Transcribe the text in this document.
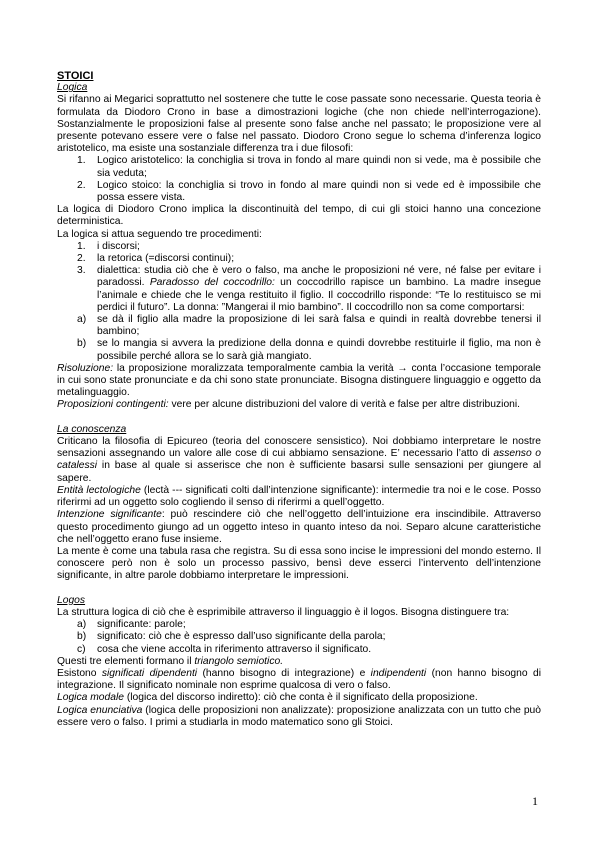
STOICI

Logica

Si rifanno ai Megarici soprattutto nel sostenere che tutte le cose passate sono necessarie. Questa teoria è formulata da Diodoro Crono in base a dimostrazioni logiche (che non chiede nell’interrogazione). Sostanzialmente le proposizioni false al presente sono false anche nel passato; le proposizione vere al presente potevano essere vere o false nel passato. Diodoro Crono segue lo schema d’inferenza logico aristotelico, ma esiste una sostanziale differenza tra i due filosofi:

1. Logico aristotelico: la conchiglia si trova in fondo al mare quindi non si vede, ma è possibile che sia veduta;
2. Logico stoico: la conchiglia si trovo in fondo al mare quindi non si vede ed è impossibile che possa essere vista.

La logica di Diodoro Crono implica la discontinuità del tempo, di cui gli stoici hanno una concezione deterministica.

La logica si attua seguendo tre procedimenti:

1. i discorsi;
2. la retorica (=discorsi continui);
3. dialettica: studia ciò che è vero o falso, ma anche le proposizioni né vere, né false per evitare i paradossi. Paradosso del coccodrillo: un coccodrillo rapisce un bambino. La madre insegue l’animale e chiede che le venga restituito il figlio. Il coccodrillo risponde: “Te lo restituisco se mi perdici il futuro”. La donna: ”Mangerai il mio bambino”. Il coccodrillo non sa come comportarsi:
a) se dà il figlio alla madre la proposizione di lei sarà falsa e quindi in realtà dovrebbe tenersi il bambino;
b) se lo mangia si avvera la predizione della donna e quindi dovrebbe restituirle il figlio, ma non è possibile perché allora se lo sarà già mangiato.

Risoluzione: la proposizione moralizzata temporalmente cambia la verità → conta l’occasione temporale in cui sono state pronunciate e da chi sono state pronunciate. Bisogna distinguere linguaggio e oggetto da metalinguaggio.

Proposizioni contingenti: vere per alcune distribuzioni del valore di verità e false per altre distribuzioni.

La conoscenza

Criticano la filosofia di Epicureo (teoria del conoscere sensistico). Noi dobbiamo interpretare le nostre sensazioni assegnando un valore alle cose di cui abbiamo sensazione. E’ necessario l’atto di assenso o catalessi in base al quale si asserisce che non è sufficiente basarsi sulle sensazioni per giungere al sapere.

Entità lectologiche (lectà --- significati colti dall’intenzione significante): intermedie tra noi e le cose. Posso riferirmi ad un oggetto solo cogliendo il senso di riferirmi a quell’oggetto.

Intenzione significante: può rescindere ciò che nell’oggetto dell’intuizione era inscindibile. Attraverso questo procedimento giungo ad un oggetto inteso in quanto inteso da noi. Separo alcune caratteristiche che nell’oggetto erano fuse insieme.

La mente è come una tabula rasa che registra. Su di essa sono incise le impressioni del mondo esterno. Il conoscere però non è solo un processo passivo, bensì deve esserci l’intervento dell’intenzione significante, in altre parole dobbiamo interpretare le impressioni.

Logos

La struttura logica di ciò che è esprimibile attraverso il linguaggio è il logos. Bisogna distinguere tra:

a) significante: parole;
b) significato: ciò che è espresso dall’uso significante della parola;
c) cosa che viene accolta in riferimento attraverso il significato.

Questi tre elementi formano il triangolo semiotico.

Esistono significati dipendenti (hanno bisogno di integrazione) e indipendenti (non hanno bisogno di integrazione. Il significato nominale non esprime qualcosa di vero o falso.

Logica modale (logica del discorso indiretto): ciò che conta è il significato della proposizione.

Logica enunciativa (logica delle proposizioni non analizzate): proposizione analizzata con un tutto che può essere vero o falso. I primi a studiarla in modo matematico sono gli Stoici.

1
